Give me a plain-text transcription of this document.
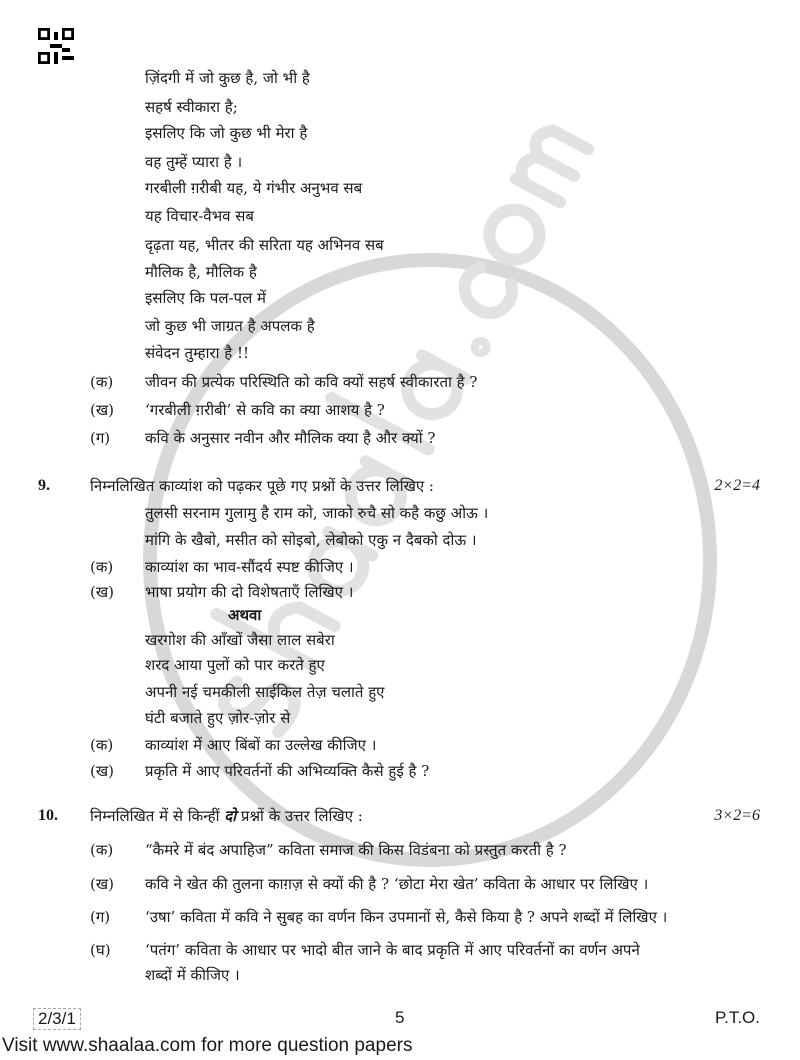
ज़िंदगी में जो कुछ है, जो भी है
सहर्ष स्वीकारा है;
इसलिए कि जो कुछ भी मेरा है
वह तुम्हें प्यारा है ।
गरबीली ग़रीबी यह, ये गंभीर अनुभव सब
यह विचार-वैभव सब
दृढ़ता यह, भीतर की सरिता यह अभिनव सब
मौलिक है, मौलिक है
इसलिए कि पल-पल में
जो कुछ भी जाग्रत है अपलक है
संवेदन तुम्हारा है !!
(क) जीवन की प्रत्येक परिस्थिति को कवि क्यों सहर्ष स्वीकारता है ?
(ख) ‘गरबीली ग़रीबी’ से कवि का क्या आशय है ?
(ग) कवि के अनुसार नवीन और मौलिक क्या है और क्यों ?
9.	निम्नलिखित काव्यांश को पढ़कर पूछे गए प्रश्नों के उत्तर लिखिए :	2×2=4
तुलसी सरनाम गुलामु है राम को, जाको रुचै सो कहै कछु ओऊ ।
मांगि के खैबो, मसीत को सोइबो, लेबोको एकु न दैबको दोऊ ।
(क) काव्यांश का भाव-सौंदर्य स्पष्ट कीजिए ।
(ख) भाषा प्रयोग की दो विशेषताएँ लिखिए ।
अथवा
खरगोश की आँखों जैसा लाल सबेरा
शरद आया पुलों को पार करते हुए
अपनी नई चमकीली साईकिल तेज़ चलाते हुए
घंटी बजाते हुए ज़ोर-ज़ोर से
(क) काव्यांश में आए बिंबों का उल्लेख कीजिए ।
(ख) प्रकृति में आए परिवर्तनों की अभिव्यक्ति कैसे हुई है ?
10. निम्नलिखित में से किन्हीं दो प्रश्नों के उत्तर लिखिए :	3×2=6
(क) “कैमरे में बंद अपाहिज” कविता समाज की किस विडंबना को प्रस्तुत करती है ?
(ख) कवि ने खेत की तुलना काग़ज़ से क्यों की है ? ‘छोटा मेरा खेत’ कविता के आधार पर लिखिए ।
(ग) ‘उषा’ कविता में कवि ने सुबह का वर्णन किन उपमानों से, कैसे किया है ? अपने शब्दों में लिखिए ।
(घ) ‘पतंग’ कविता के आधार पर भादो बीत जाने के बाद प्रकृति में आए परिवर्तनों का वर्णन अपने
शब्दों में कीजिए ।
2/3/1	5	P.T.O.
Visit www.shaalaa.com for more question papers
